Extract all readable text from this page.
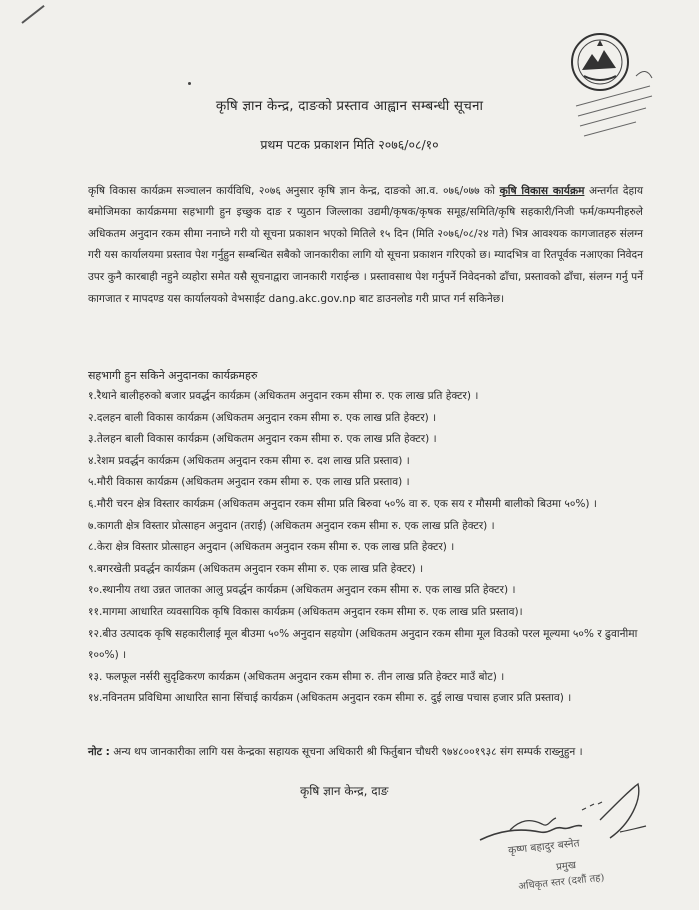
कृषि ज्ञान केन्द्र, दाङको प्रस्ताव आह्वान सम्बन्धी सूचना
प्रथम पटक प्रकाशन मिति २०७६/०८/१०

कृषि विकास कार्यक्रम सञ्चालन कार्यविधि, २०७६ अनुसार कृषि ज्ञान केन्द्र, दाङको आ.व. ०७६/०७७ को कृषि विकास कार्यक्रम अन्तर्गत देहाय बमोजिमका कार्यक्रममा सहभागी हुन इच्छुक दाङ र प्युठान जिल्लाका उद्यमी/कृषक/कृषक समूह/समिति/कृषि सहकारी/निजी फर्म/कम्पनीहरुले अधिकतम अनुदान रकम सीमा ननाघ्ने गरी यो सूचना प्रकाशन भएको मितिले १५ दिन (मिति २०७६/०८/२४ गते) भित्र आवश्यक कागजातहरु संलग्न गरी यस कार्यालयमा प्रस्ताव पेश गर्नुहुन सम्बन्धित सबैको जानकारीका लागि यो सूचना प्रकाशन गरिएको छ। म्यादभित्र वा रितपूर्वक नआएका निवेदन उपर कुनै कारबाही नहुने व्यहोरा समेत यसै सूचनाद्वारा जानकारी गराईन्छ । प्रस्तावसाथ पेश गर्नुपर्ने निवेदनको ढाँचा, प्रस्तावको ढाँचा, संलग्न गर्नु पर्ने कागजात र मापदण्ड यस कार्यालयको वेभसाईट dang.akc.gov.np बाट डाउनलोड गरी प्राप्त गर्न सकिनेछ।

सहभागी हुन सकिने अनुदानका कार्यक्रमहरु
१.रैथाने बालीहरुको बजार प्रवर्द्धन कार्यक्रम (अधिकतम अनुदान रकम सीमा रु. एक लाख प्रति हेक्टर) ।
२.दलहन बाली विकास कार्यक्रम (अधिकतम अनुदान रकम सीमा रु. एक लाख प्रति हेक्टर) ।
३.तेलहन बाली विकास कार्यक्रम (अधिकतम अनुदान रकम सीमा रु. एक लाख प्रति हेक्टर) ।
४.रेशम प्रवर्द्धन कार्यक्रम (अधिकतम अनुदान रकम सीमा रु. दश लाख प्रति प्रस्ताव) ।
५.मौरी विकास कार्यक्रम (अधिकतम अनुदान रकम सीमा रु. एक लाख प्रति प्रस्ताव) ।
६.मौरी चरन क्षेत्र विस्तार कार्यक्रम (अधिकतम अनुदान रकम सीमा प्रति बिरुवा ५०% वा रु. एक सय र मौसमी बालीको बिउमा ५०%) ।
७.कागती क्षेत्र विस्तार प्रोत्साहन अनुदान (तराई) (अधिकतम अनुदान रकम सीमा रु. एक लाख प्रति हेक्टर) ।
८.केरा क्षेत्र विस्तार प्रोत्साहन अनुदान (अधिकतम अनुदान रकम सीमा रु. एक लाख प्रति हेक्टर) ।
९.बगरखेती प्रवर्द्धन कार्यक्रम (अधिकतम अनुदान रकम सीमा रु. एक लाख प्रति हेक्टर) ।
१०.स्थानीय तथा उन्नत जातका आलु प्रवर्द्धन कार्यक्रम (अधिकतम अनुदान रकम सीमा रु. एक लाख प्रति हेक्टर) ।
११.मागमा आधारित व्यवसायिक कृषि विकास कार्यक्रम (अधिकतम अनुदान रकम सीमा रु. एक लाख प्रति प्रस्ताव)।
१२.बीउ उत्पादक कृषि सहकारीलाई मूल बीउमा ५०% अनुदान सहयोग (अधिकतम अनुदान रकम सीमा मूल विउको परल मूल्यमा ५०% र ढुवानीमा १००%) ।
१३. फलफूल नर्सरी सुदृढिकरण कार्यक्रम (अधिकतम अनुदान रकम सीमा रु. तीन लाख प्रति हेक्टर माउँ बोट) ।
१४.नविनतम प्रविधिमा आधारित साना सिंचाई कार्यक्रम (अधिकतम अनुदान रकम सीमा रु. दुई लाख पचास हजार प्रति प्रस्ताव) ।
नोट : अन्य थप जानकारीका लागि यस केन्द्रका सहायक सूचना अधिकारी श्री फिर्तुबान चौधरी ९७४८००१९३८ संग सम्पर्क राख्नुहुन ।
कृषि ज्ञान केन्द्र, दाङ
कृष्ण बहादुर बस्नेत
प्रमुख
अधिकृत स्तर (दशौं तह)
